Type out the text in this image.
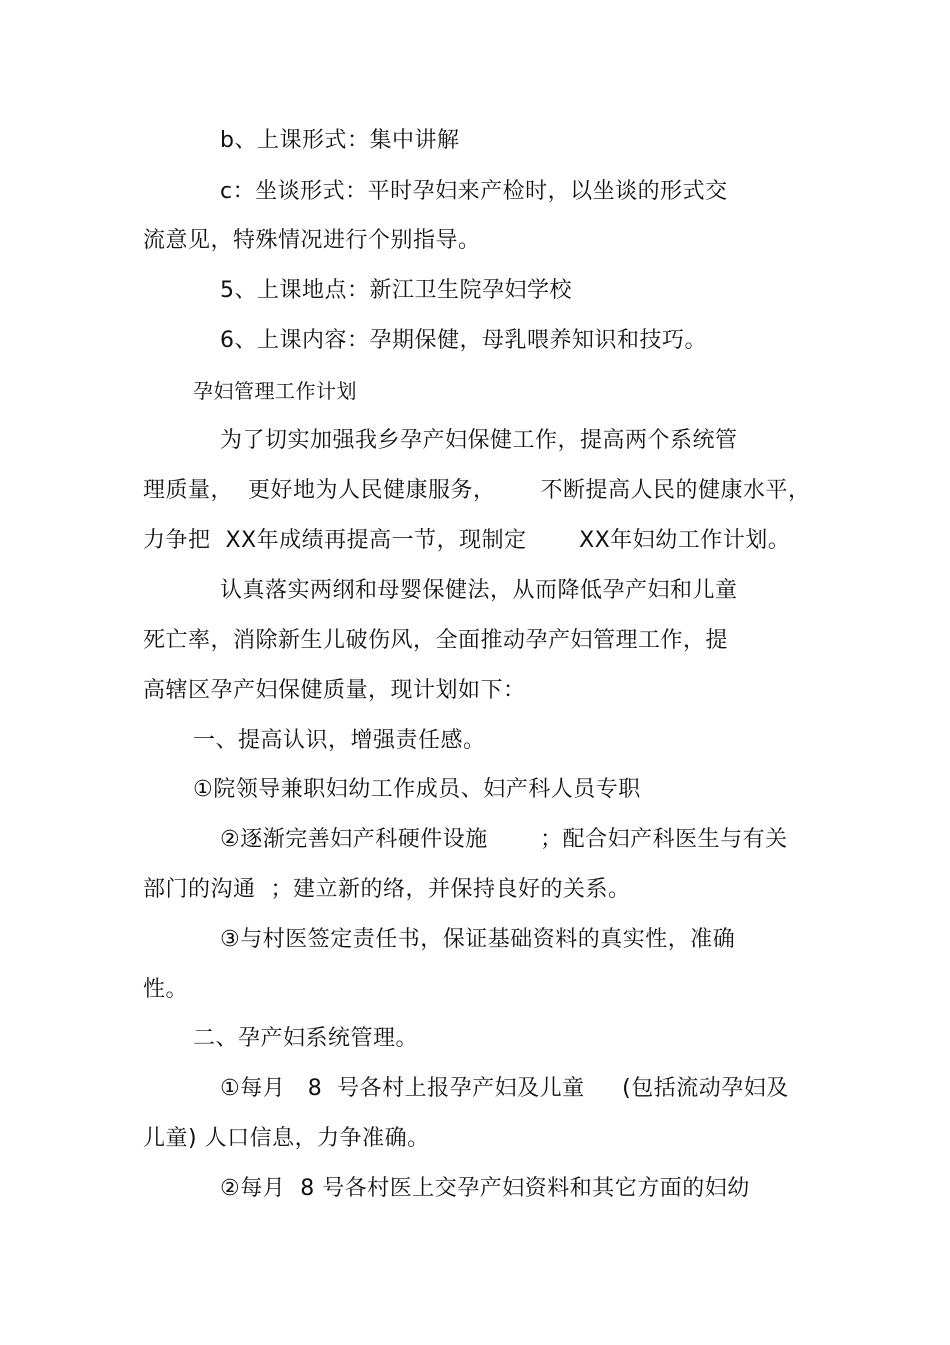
b、上课形式：集中讲解
c：坐谈形式：平时孕妇来产检时，以坐谈的形式交
流意见，特殊情况进行个别指导。
5、上课地点：新江卫生院孕妇学校
6、上课内容：孕期保健，母乳喂养知识和技巧。
孕妇管理工作计划
为了切实加强我乡孕产妇保健工作，提高两个系统管
理质量，  更好地为人民健康服务，      不断提高人民的健康水平，
力争把  XX年成绩再提高一节，现制定       XX年妇幼工作计划。
认真落实两纲和母婴保健法，从而降低孕产妇和儿童
死亡率，消除新生儿破伤风，全面推动孕产妇管理工作，提
高辖区孕产妇保健质量，现计划如下：
一、提高认识，增强责任感。
①院领导兼职妇幼工作成员、妇产科人员专职
②逐渐完善妇产科硬件设施       ；配合妇产科医生与有关
部门的沟通  ；建立新的络，并保持良好的关系。
③与村医签定责任书，保证基础资料的真实性，准确
性。
二、孕产妇系统管理。
①每月   8  号各村上报孕产妇及儿童     (包括流动孕妇及
儿童) 人口信息，力争准确。
②每月  8 号各村医上交孕产妇资料和其它方面的妇幼
